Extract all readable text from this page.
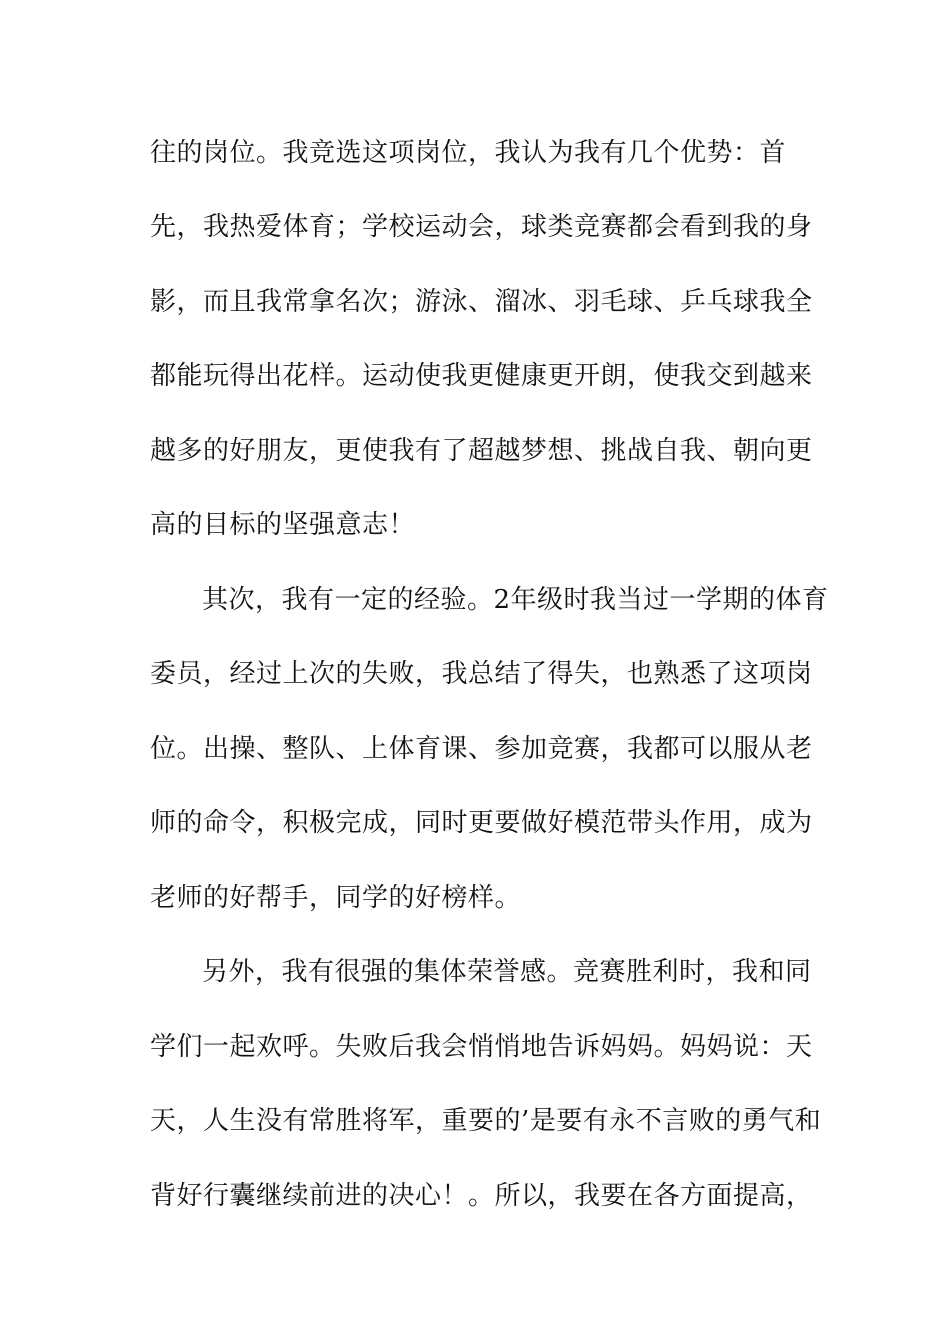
往的岗位。我竞选这项岗位，我认为我有几个优势：首
先，我热爱体育；学校运动会，球类竞赛都会看到我的身
影，而且我常拿名次；游泳、溜冰、羽毛球、乒乓球我全
都能玩得出花样。运动使我更健康更开朗，使我交到越来
越多的好朋友，更使我有了超越梦想、挑战自我、朝向更
高的目标的坚强意志！
其次，我有一定的经验。2年级时我当过一学期的体育
委员，经过上次的失败，我总结了得失，也熟悉了这项岗
位。出操、整队、上体育课、参加竞赛，我都可以服从老
师的命令，积极完成，同时更要做好模范带头作用，成为
老师的好帮手，同学的好榜样。
另外，我有很强的集体荣誉感。竞赛胜利时，我和同
学们一起欢呼。失败后我会悄悄地告诉妈妈。妈妈说：天
天，人生没有常胜将军，重要的’是要有永不言败的勇气和
背好行囊继续前进的决心！。所以，我要在各方面提高，
